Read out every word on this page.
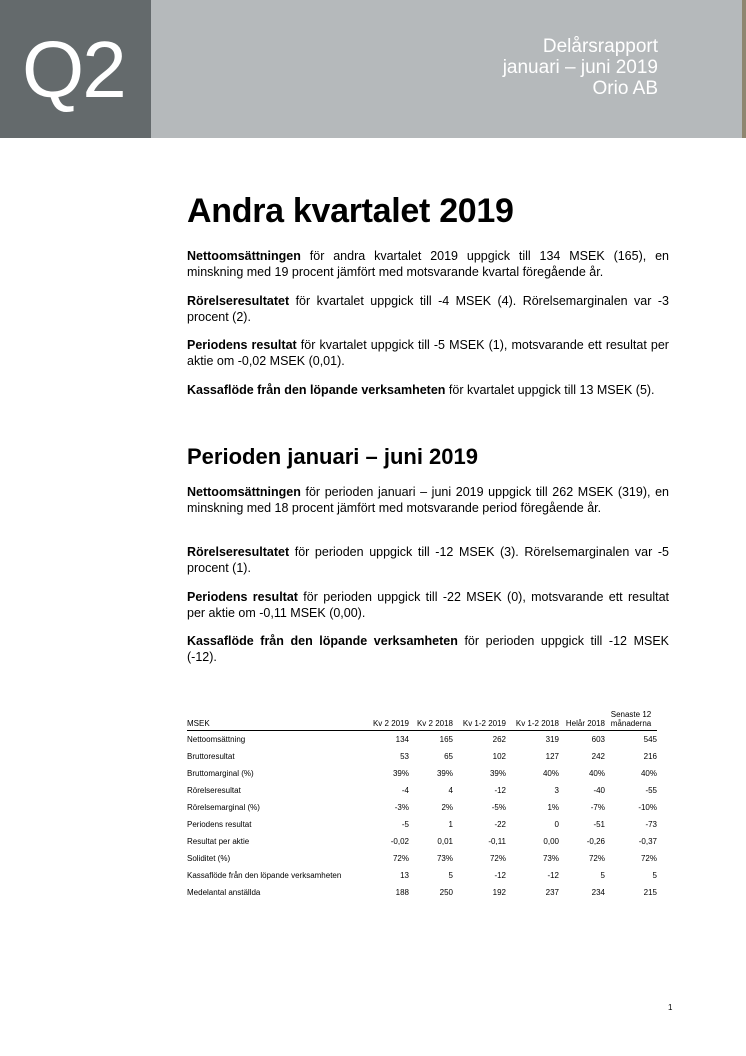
Q2	Delårsrapport
januari – juni 2019
Orio AB
Andra kvartalet 2019

Nettoomsättningen för andra kvartalet 2019 uppgick till 134 MSEK (165), en minskning med 19 procent jämfört med motsvarande kvartal föregående år.

Rörelseresultatet för kvartalet uppgick till -4 MSEK (4). Rörelsemarginalen var -3 procent (2).

Periodens resultat för kvartalet uppgick till -5 MSEK (1), motsvarande ett resultat per aktie om -0,02 MSEK (0,01).

Kassaflöde från den löpande verksamheten för kvartalet uppgick till 13 MSEK (5).

Perioden januari – juni 2019

Nettoomsättningen för perioden januari – juni 2019 uppgick till 262 MSEK (319), en minskning med 18 procent jämfört med motsvarande period föregående år.

Rörelseresultatet för perioden uppgick till -12 MSEK (3). Rörelsemarginalen var -5 procent (1).

Periodens resultat för perioden uppgick till -22 MSEK (0), motsvarande ett resultat per aktie om -0,11 MSEK (0,00).

Kassaflöde från den löpande verksamheten för perioden uppgick till -12 MSEK (-12).

MSEK	Kv 2 2019	Kv 2 2018	Kv 1-2 2019	Kv 1-2 2018	Helår 2018	Senaste 12 månaderna
Nettoomsättning	134	165	262	319	603	545
Bruttoresultat	53	65	102	127	242	216
Bruttomarginal (%)	39%	39%	39%	40%	40%	40%
Rörelseresultat	-4	4	-12	3	-40	-55
Rörelsemarginal (%)	-3%	2%	-5%	1%	-7%	-10%
Periodens resultat	-5	1	-22	0	-51	-73
Resultat per aktie	-0,02	0,01	-0,11	0,00	-0,26	-0,37
Soliditet (%)	72%	73%	72%	73%	72%	72%
Kassaflöde från den löpande verksamheten	13	5	-12	-12	5	5
Medelantal anställda	188	250	192	237	234	215
1
